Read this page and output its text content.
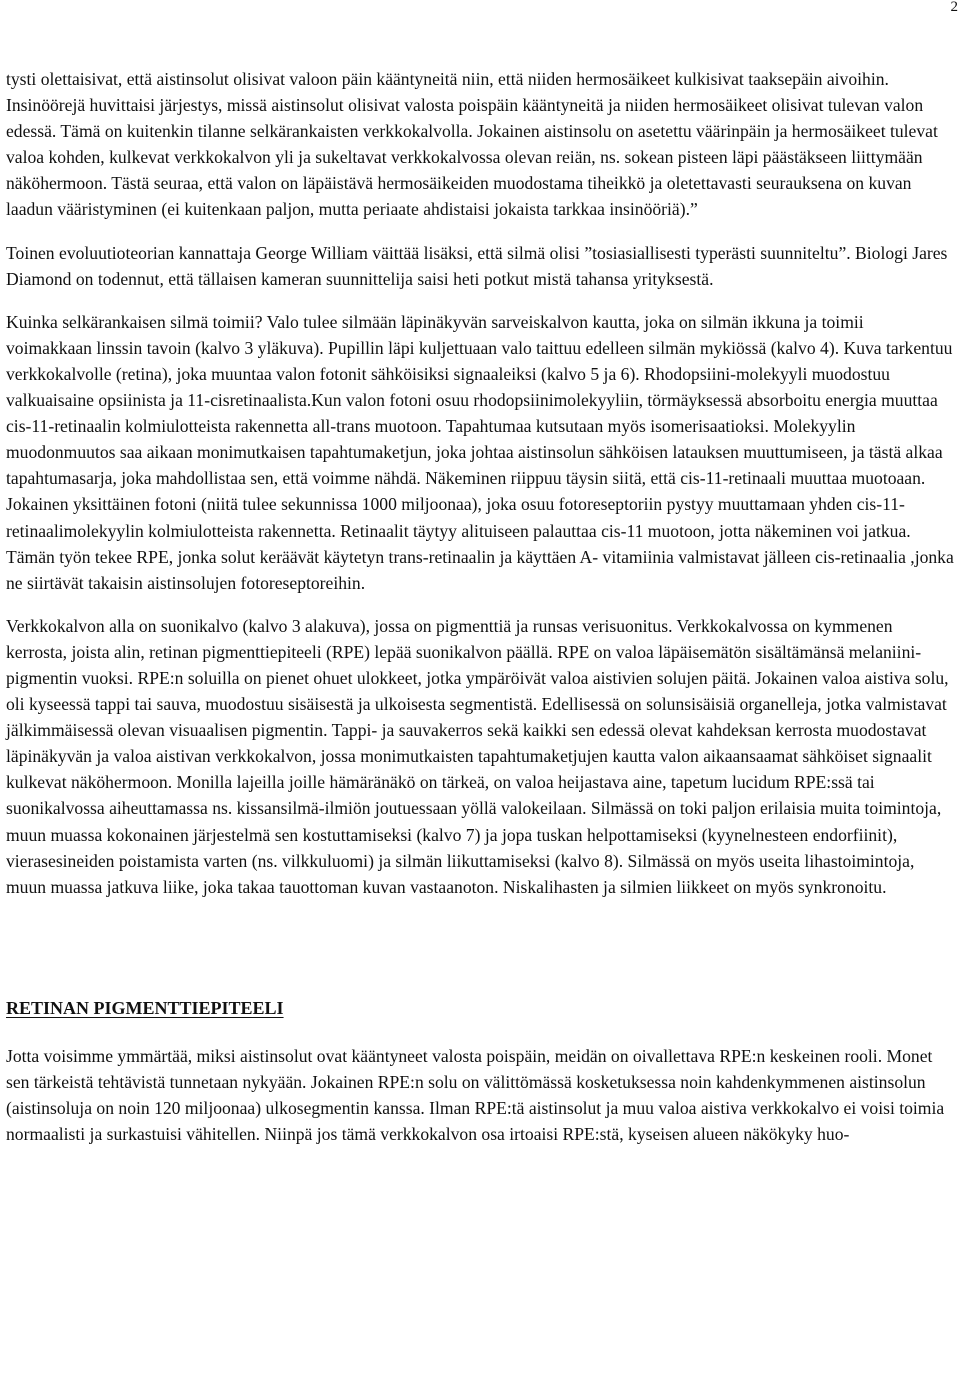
2

tysti olettaisivat, että aistinsolut olisivat valoon päin kääntyneitä niin, että niiden hermosäikeet kulkisivat taaksepäin aivoihin. Insinöörejä huvittaisi järjestys, missä aistinsolut olisivat valosta poispäin kääntyneitä ja niiden hermosäikeet olisivat tulevan valon edessä. Tämä on kuitenkin tilanne selkärankaisten verkkokalvolla. Jokainen aistinsolu on asetettu väärinpäin ja hermosäikeet tulevat valoa kohden, kulkevat verkkokalvon yli ja sukeltavat verkkokalvossa olevan reiän, ns. sokean pisteen läpi päästäkseen liittymään näköhermoon. Tästä seuraa, että valon on läpäistävä hermosäikeiden muodostama tiheikkö ja oletettavasti seurauksena on kuvan laadun vääristyminen (ei kuitenkaan paljon, mutta periaate ahdistaisi jokaista tarkkaa insinööriä).”

Toinen evoluutioteorian kannattaja George William väittää lisäksi, että silmä olisi ”tosiasiallisesti typerästi suunniteltu”. Biologi Jares Diamond on todennut, että tällaisen kameran suunnittelija saisi heti potkut mistä tahansa yrityksestä.

Kuinka selkärankaisen silmä toimii? Valo tulee silmään läpinäkyvän sarveiskalvon kautta, joka on silmän ikkuna ja toimii voimakkaan linssin tavoin (kalvo 3 yläkuva). Pupillin läpi kuljettuaan valo taittuu edelleen silmän mykiössä (kalvo 4). Kuva tarkentuu verkkokalvolle (retina), joka muuntaa valon fotonit sähköisiksi signaaleiksi (kalvo 5 ja 6). Rhodopsiini-molekyyli muodostuu valkuaisaine opsiinista ja 11-cisretinaalista.Kun valon fotoni osuu rhodopsiinimolekyyliin, törmäyksessä absorboitu energia muuttaa cis-11-retinaalin kolmiulotteista rakennetta all-trans muotoon. Tapahtumaa kutsutaan myös isomerisaatioksi. Molekyylin muodonmuutos saa aikaan monimutkaisen tapahtumaketjun, joka johtaa aistinsolun sähköisen latauksen muuttumiseen, ja tästä alkaa tapahtumasarja, joka mahdollistaa sen, että voimme nähdä. Näkeminen riippuu täysin siitä, että cis-11-retinaali muuttaa muotoaan. Jokainen yksittäinen fotoni (niitä tulee sekunnissa 1000 miljoonaa), joka osuu fotoreseptoriin pystyy muuttamaan yhden cis-11-retinaalimolekyylin kolmiulotteista rakennetta. Retinaalit täytyy alituiseen palauttaa cis-11 muotoon, jotta näkeminen voi jatkua. Tämän työn tekee RPE, jonka solut keräävät käytetyn trans-retinaalin ja käyttäen A- vitamiinia valmistavat jälleen cis-retinaalia ,jonka ne siirtävät takaisin aistinsolujen fotoreseptoreihin.

Verkkokalvon alla on suonikalvo (kalvo 3 alakuva), jossa on pigmenttiä ja runsas verisuonitus. Verkkokalvossa on kymmenen kerrosta, joista alin, retinan pigmenttiepiteeli (RPE) lepää suonikalvon päällä. RPE on valoa läpäisemätön sisältämänsä melaniini- pigmentin vuoksi. RPE:n soluilla on pienet ohuet ulokkeet, jotka ympäröivät valoa aistivien solujen päitä. Jokainen valoa aistiva solu, oli kyseessä tappi tai sauva, muodostuu sisäisestä ja ulkoisesta segmentistä. Edellisessä on solunsisäisiä organelleja, jotka valmistavat jälkimmäisessä olevan visuaalisen pigmentin. Tappi- ja sauvakerros sekä kaikki sen edessä olevat kahdeksan kerrosta muodostavat läpinäkyvän ja valoa aistivan verkkokalvon, jossa monimutkaisten tapahtumaketjujen kautta valon aikaansaamat sähköiset signaalit kulkevat näköhermoon. Monilla lajeilla joille hämäränäkö on tärkeä, on valoa heijastava aine, tapetum lucidum RPE:ssä tai suonikalvossa aiheuttamassa ns. kissansilmä-ilmiön joutuessaan yöllä valokeilaan. Silmässä on toki paljon erilaisia muita toimintoja, muun muassa kokonainen järjestelmä sen kostuttamiseksi (kalvo 7) ja jopa tuskan helpottamiseksi (kyynelnesteen endorfiinit), vierasesineiden poistamista varten (ns. vilkkuluomi) ja silmän liikuttamiseksi (kalvo 8). Silmässä on myös useita lihastoimintoja, muun muassa jatkuva liike, joka takaa tauottoman kuvan vastaanoton. Niskalihasten ja silmien liikkeet on myös synkronoitu.

RETINAN PIGMENTTIEPITEELI

Jotta voisimme ymmärtää, miksi aistinsolut ovat kääntyneet valosta poispäin, meidän on oivallettava RPE:n keskeinen rooli. Monet sen tärkeistä tehtävistä tunnetaan nykyään. Jokainen RPE:n solu on välittömässä kosketuksessa noin kahdenkymmenen aistinsolun (aistinsoluja on noin 120 miljoonaa) ulkosegmentin kanssa. Ilman RPE:tä aistinsolut ja muu valoa aistiva verkkokalvo ei voisi toimia normaalisti ja surkastuisi vähitellen. Niinpä jos tämä verkkokalvon osa irtoaisi RPE:stä, kyseisen alueen näkökyky huo-
